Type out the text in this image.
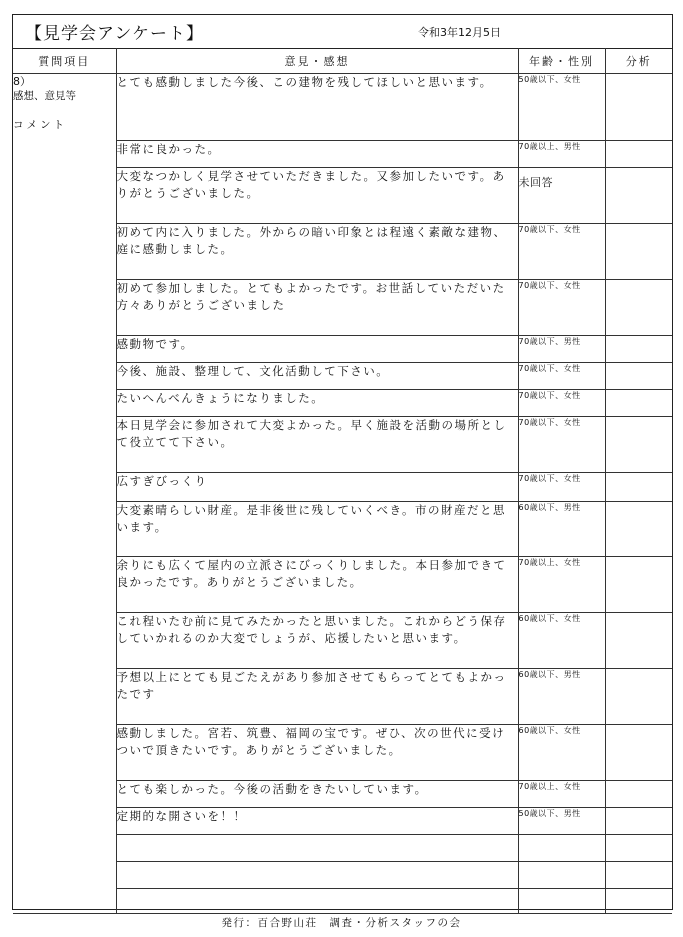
【見学会アンケート】	令和3年12月5日
質問項目	意見・感想	年齢・性別	分析

8）
感想、意見等
コメント	とても感動しました今後、この建物を残してほしいと思います。	50歳以下、女性	
	非常に良かった。	70歳以上、男性	
	大変なつかしく見学させていただきました。又参加したいです。ありがとうございました。	未回答	
	初めて内に入りました。外からの暗い印象とは程遠く素敵な建物、庭に感動しました。	70歳以下、女性	
	初めて参加しました。とてもよかったです。お世話していただいた方々ありがとうございました	70歳以下、女性	
	感動物です。	70歳以下、男性	
	今後、施設、整理して、文化活動して下さい。	70歳以下、女性	
	たいへんべんきょうになりました。	70歳以下、女性	
	本日見学会に参加されて大変よかった。早く施設を活動の場所として役立てて下さい。	70歳以下、女性	
	広すぎびっくり	70歳以下、女性	
	大変素晴らしい財産。是非後世に残していくべき。市の財産だと思います。	60歳以下、男性	
	余りにも広くて屋内の立派さにびっくりしました。本日参加できて良かったです。ありがとうございました。	70歳以上、女性	
	これ程いたむ前に見てみたかったと思いました。これからどう保存していかれるのか大変でしょうが、応援したいと思います。	60歳以下、女性	
	予想以上にとても見ごたえがあり参加させてもらってとてもよかったです	60歳以下、男性	
	感動しました。宮若、筑豊、福岡の宝です。ぜひ、次の世代に受けついで頂きたいです。ありがとうございました。	60歳以下、女性	
	とても楽しかった。今後の活動をきたいしています。	70歳以上、女性	
	定期的な開さいを！！	50歳以下、男性	

発行：百合野山荘　調査・分析スタッフの会
